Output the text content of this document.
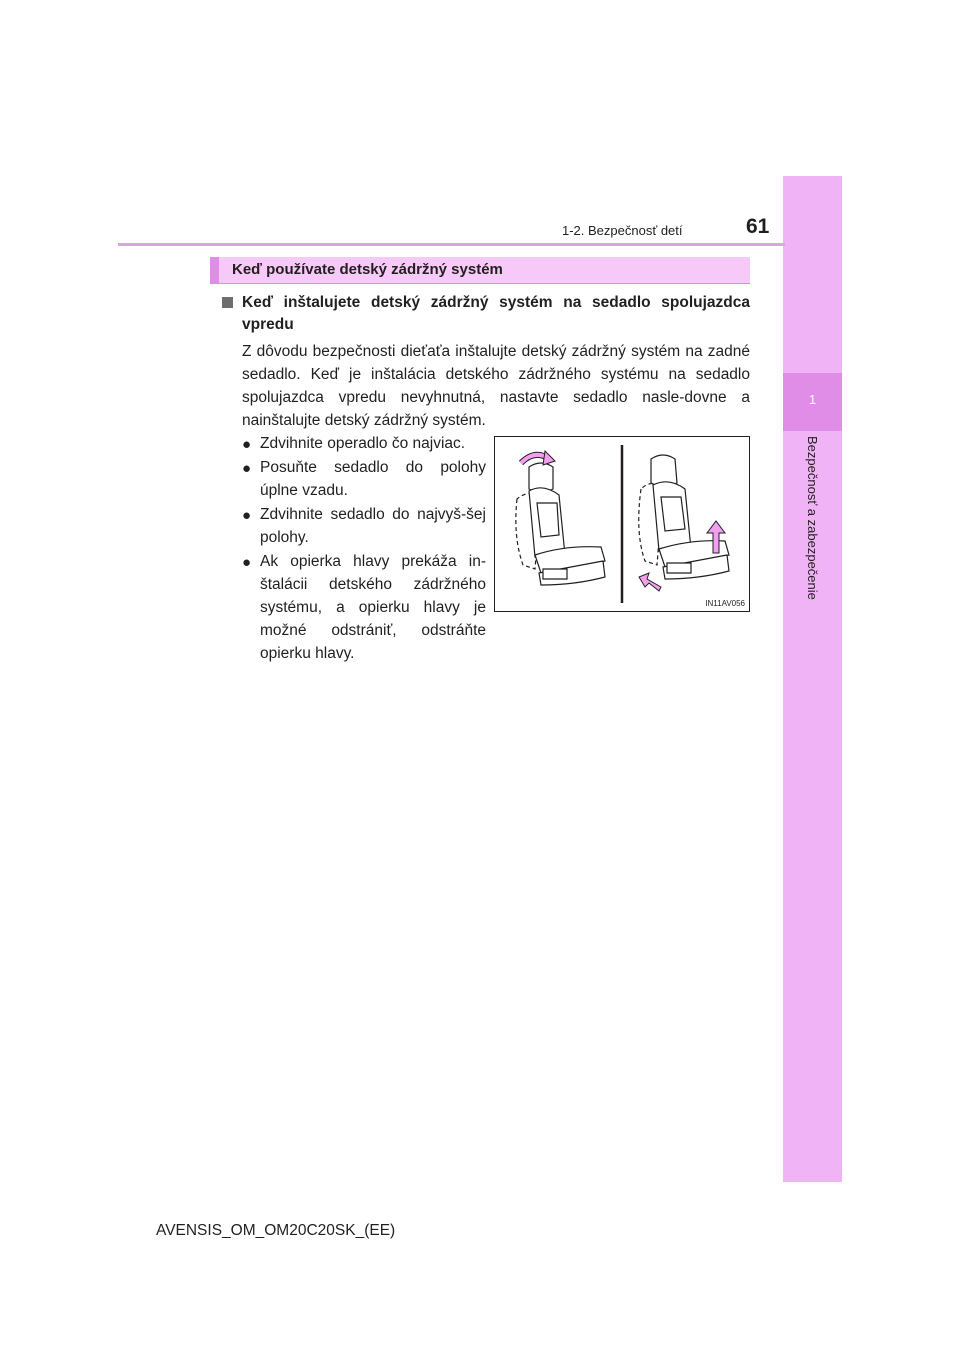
1
Bezpečnosť a zabezpečenie
1-2. Bezpečnosť detí	61
Keď používate detský zádržný systém
Keď inštalujete detský zádržný systém na sedadlo spolujazdca vpredu
Z dôvodu bezpečnosti dieťaťa inštalujte detský zádržný systém na zadné sedadlo. Keď je inštalácia detského zádržného systému na sedadlo spolujazdca vpredu nevyhnutná, nastavte sedadlo nasle-dovne a nainštalujte detský zádržný systém.
● Zdvihnite operadlo čo najviac.
● Posuňte sedadlo do polohy úplne vzadu.
● Zdvihnite sedadlo do najvyš-šej polohy.
● Ak opierka hlavy prekáža in-štalácii detského zádržného systému, a opierku hlavy je možné odstrániť, odstráňte opierku hlavy.
IN11AV056
AVENSIS_OM_OM20C20SK_(EE)
